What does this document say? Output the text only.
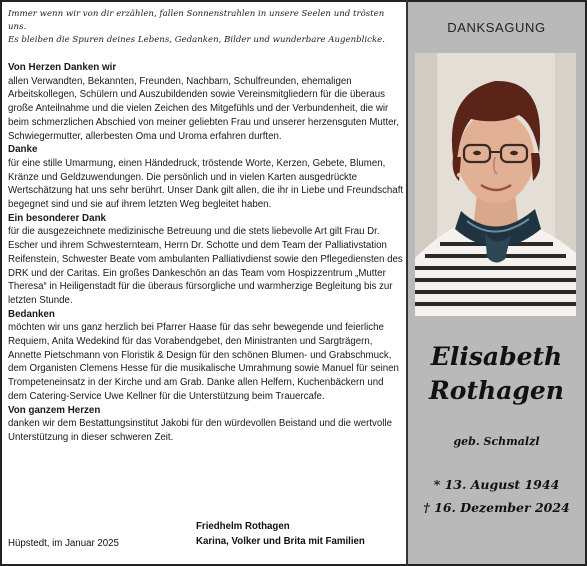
Immer wenn wir von dir erzählen, fallen Sonnenstrahlen in unsere Seelen und trösten uns.
Es bleiben die Spuren deines Lebens, Gedanken, Bilder und wunderbare Augenblicke.
Von Herzen Danken wir

allen Verwandten, Bekannten, Freunden, Nachbarn, Schulfreunden, ehemaligen Arbeitskollegen, Schülern und Auszubildenden sowie Vereinsmitgliedern für die überaus große Anteilnahme und die vielen Zeichen des Mitgefühls und der Verbundenheit, die wir beim schmerzlichen Abschied von meiner geliebten Frau und unserer herzensguten Mutter, Schwiegermutter, allerbesten Oma und Uroma erfahren durften.

Danke

für eine stille Umarmung, einen Händedruck, tröstende Worte, Kerzen, Gebete, Blumen, Kränze und Geldzuwendungen. Die persönlich und in vielen Karten ausgedrückte Wertschätzung hat uns sehr berührt. Unser Dank gilt allen, die ihr in Liebe und Freundschaft begegnet sind und sie auf ihrem letzten Weg begleitet haben.

Ein besonderer Dank

für die ausgezeichnete medizinische Betreuung und die stets liebevolle Art gilt Frau Dr. Escher und ihrem Schwesternteam, Herrn Dr. Schotte und dem Team der Palliativstation Reifenstein, Schwester Beate vom ambulanten Palliativdienst sowie den Pflegediensten des DRK und der Caritas. Ein großes Dankeschön an das Team vom Hospizzentrum „Mutter Theresa“ in Heiligenstadt für die überaus fürsorgliche und warmherzige Begleitung bis zur letzten Stunde.

Bedanken

möchten wir uns ganz herzlich bei Pfarrer Haase für das sehr bewegende und feierliche Requiem, Anita Wedekind für das Vorabendgebet, den Ministranten und Sargträgern, Annette Pietschmann von Floristik & Design für den schönen Blumen- und Grabschmuck, dem Organisten Clemens Hesse für die musikalische Umrahmung sowie Manuel für seinen Trompeteneinsatz in der Kirche und am Grab. Danke allen Helfern, Kuchenbäckern und dem Catering-Service Uwe Kellner für die Unterstützung beim Trauercafe.

Von ganzem Herzen

danken wir dem Bestattungsinstitut Jakobi für den würdevollen Beistand und die wertvolle Unterstützung in dieser schweren Zeit.

Hüpstedt, im Januar 2025
Friedhelm Rothagen
Karina, Volker und Brita mit Familien
DANKSAGUNG
Elisabeth
Rothagen
geb. Schmalzl
* 13. August 1944
† 16. Dezember 2024
